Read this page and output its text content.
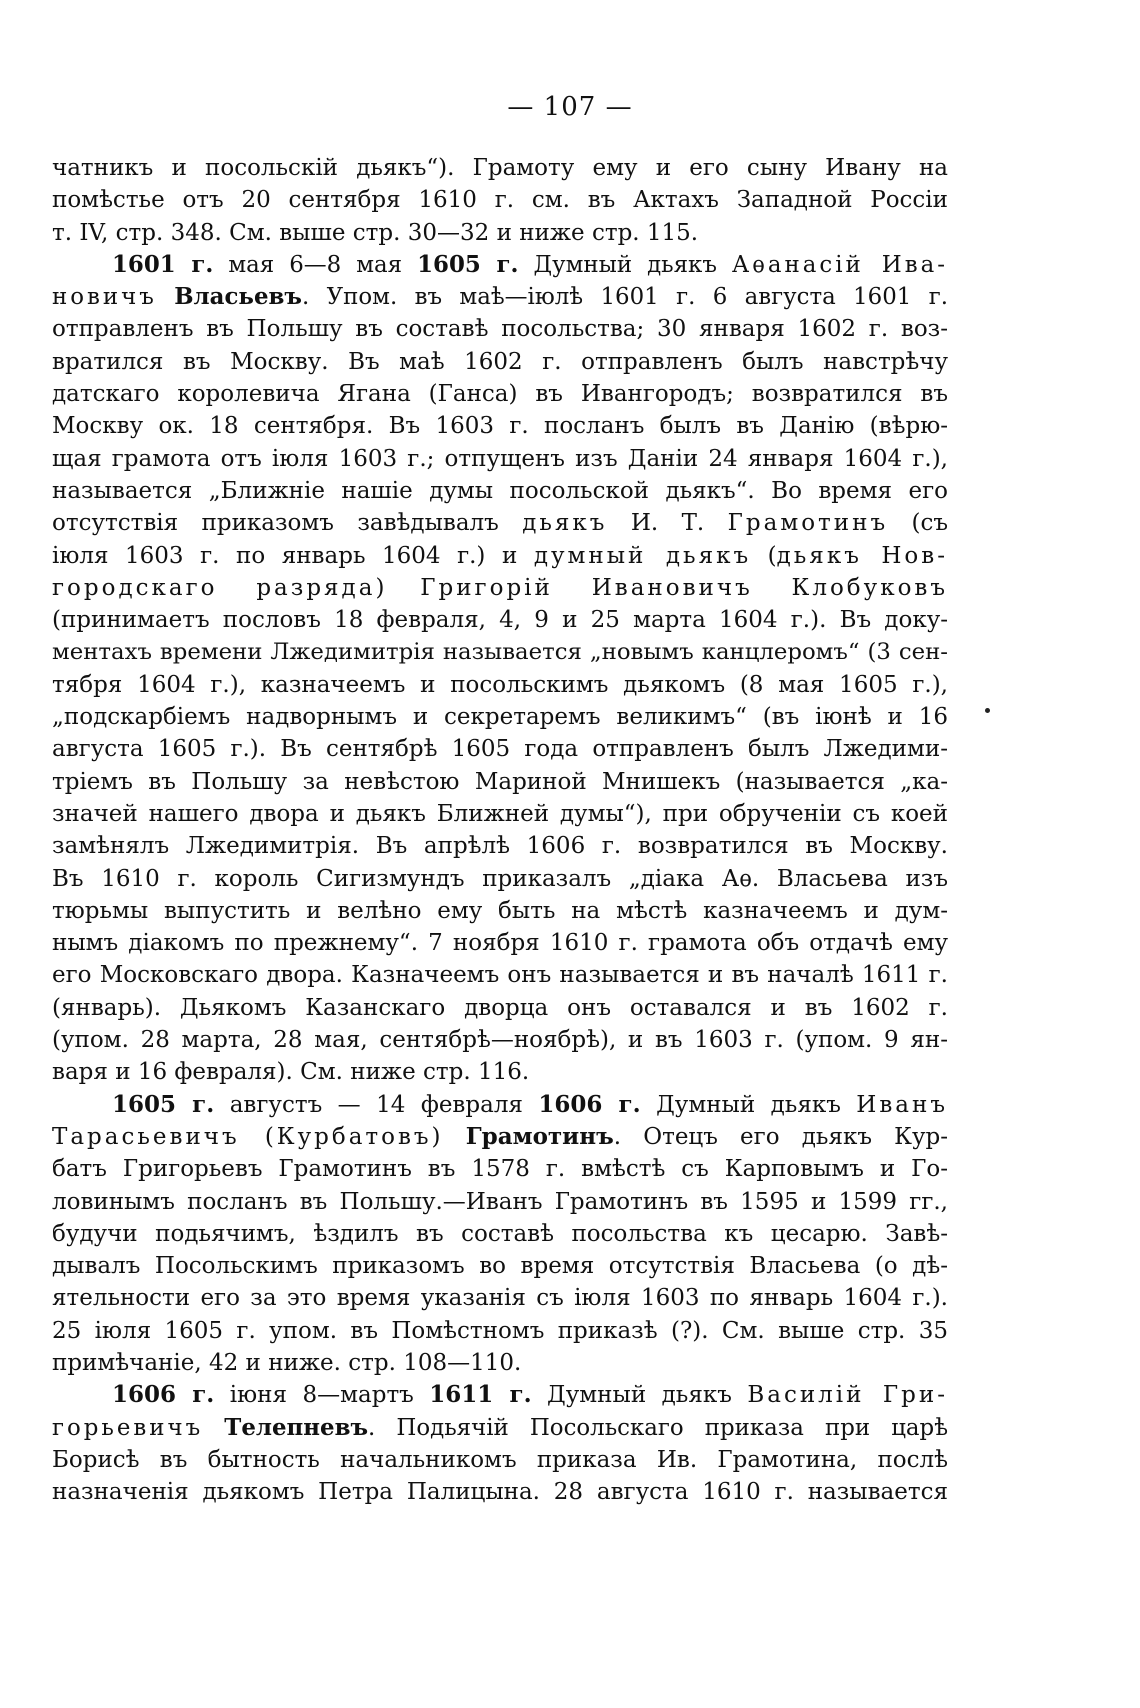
— 107 —

чатникъ и посольскій дьякъ“). Грамоту ему и его сыну Ивану на
помѣстье отъ 20 сентября 1610 г. см. въ Актахъ Западной Россіи
т. IV, стр. 348. См. выше стр. 30—32 и ниже стр. 115.

1601 г. мая 6—8 мая 1605 г. Думный дьякъ Аѳанасій Ива-
новичъ Власьевъ. Упом. въ маѣ—іюлѣ 1601 г. 6 августа 1601 г.
отправленъ въ Польшу въ составѣ посольства; 30 января 1602 г. воз-
вратился въ Москву. Въ маѣ 1602 г. отправленъ былъ навстрѣчу
датскаго королевича Ягана (Ганса) въ Ивангородъ; возвратился въ
Москву ок. 18 сентября. Въ 1603 г. посланъ былъ въ Данію (вѣрю-
щая грамота отъ іюля 1603 г.; отпущенъ изъ Даніи 24 января 1604 г.),
называется „Ближніе нашіе думы посольской дьякъ“. Во время его
отсутствія приказомъ завѣдывалъ дьякъ И. Т. Грамотинъ (съ
іюля 1603 г. по январь 1604 г.) и думный дьякъ (дьякъ Нов-
городскаго разряда) Григорій Ивановичъ Клобуковъ
(принимаетъ пословъ 18 февраля, 4, 9 и 25 марта 1604 г.). Въ доку-
ментахъ времени Лжедимитрія называется „новымъ канцлеромъ“ (3 сен-
тября 1604 г.), казначеемъ и посольскимъ дьякомъ (8 мая 1605 г.),
„подскарбіемъ надворнымъ и секретаремъ великимъ“ (въ іюнѣ и 16
августа 1605 г.). Въ сентябрѣ 1605 года отправленъ былъ Лжедими-
тріемъ въ Польшу за невѣстою Мариной Мнишекъ (называется „ка-
значей нашего двора и дьякъ Ближней думы“), при обрученіи съ коей
замѣнялъ Лжедимитрія. Въ апрѣлѣ 1606 г. возвратился въ Москву.
Въ 1610 г. король Сигизмундъ приказалъ „діака Аѳ. Власьева изъ
тюрьмы выпустить и велѣно ему быть на мѣстѣ казначеемъ и дум-
нымъ діакомъ по прежнему“. 7 ноября 1610 г. грамота объ отдачѣ ему
его Московскаго двора. Казначеемъ онъ называется и въ началѣ 1611 г.
(январь). Дьякомъ Казанскаго дворца онъ оставался и въ 1602 г.
(упом. 28 марта, 28 мая, сентябрѣ—ноябрѣ), и въ 1603 г. (упом. 9 ян-
варя и 16 февраля). См. ниже стр. 116.

1605 г. августъ — 14 февраля 1606 г. Думный дьякъ Иванъ
Тарасьевичъ (Курбатовъ) Грамотинъ. Отецъ его дьякъ Кур-
батъ Григорьевъ Грамотинъ въ 1578 г. вмѣстѣ съ Карповымъ и Го-
ловинымъ посланъ въ Польшу.—Иванъ Грамотинъ въ 1595 и 1599 гг.,
будучи подьячимъ, ѣздилъ въ составѣ посольства къ цесарю. Завѣ-
дывалъ Посольскимъ приказомъ во время отсутствія Власьева (о дѣ-
ятельности его за это время указанія съ іюля 1603 по январь 1604 г.).
25 іюля 1605 г. упом. въ Помѣстномъ приказѣ (?). См. выше стр. 35
примѣчаніе, 42 и ниже. стр. 108—110.

1606 г. іюня 8—мартъ 1611 г. Думный дьякъ Василій Гри-
горьевичъ Телепневъ. Подьячій Посольскаго приказа при царѣ
Борисѣ въ бытность начальникомъ приказа Ив. Грамотина, послѣ
назначенія дьякомъ Петра Палицына. 28 августа 1610 г. называется
